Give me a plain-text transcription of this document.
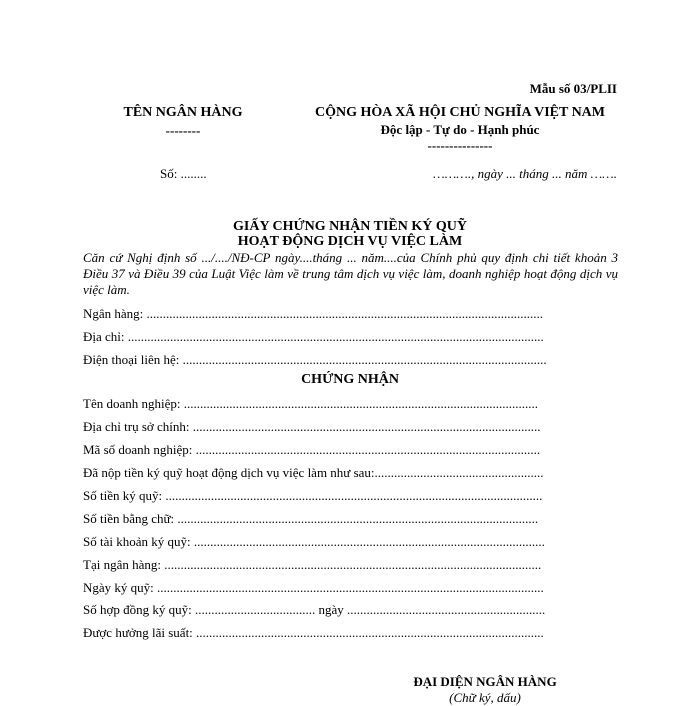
Mẫu số 03/PLII
TÊN NGÂN HÀNG
--------
CỘNG HÒA XÃ HỘI CHỦ NGHĨA VIỆT NAM
Độc lập - Tự do - Hạnh phúc
---------------
Số: ........	………., ngày ... tháng ... năm …….
GIẤY CHỨNG NHẬN TIỀN KÝ QUỸ
HOẠT ĐỘNG DỊCH VỤ VIỆC LÀM
Căn cứ Nghị định số .../..../NĐ-CP ngày....tháng ... năm....của Chính phủ quy định chi tiết khoản 3 Điều 37 và Điều 39 của Luật Việc làm về trung tâm dịch vụ việc làm, doanh nghiệp hoạt động dịch vụ việc làm.
Ngân hàng: ..........................................................................................................................
Địa chỉ: ................................................................................................................................
Điện thoại liên hệ: ................................................................................................................
CHỨNG NHẬN
Tên doanh nghiệp: .............................................................................................................
Địa chỉ trụ sở chính: ...........................................................................................................
Mã số doanh nghiệp: ..........................................................................................................
Đã nộp tiền ký quỹ hoạt động dịch vụ việc làm như sau:....................................................
Số tiền ký quỹ: ....................................................................................................................
Số tiền bằng chữ: ...............................................................................................................
Số tài khoản ký quỹ: ............................................................................................................
Tại ngân hàng: ....................................................................................................................
Ngày ký quỹ: .......................................................................................................................
Số hợp đồng ký quỹ: ..................................... ngày .............................................................
Được hưởng lãi suất: ...........................................................................................................
ĐẠI DIỆN NGÂN HÀNG
(Chữ ký, dấu)
